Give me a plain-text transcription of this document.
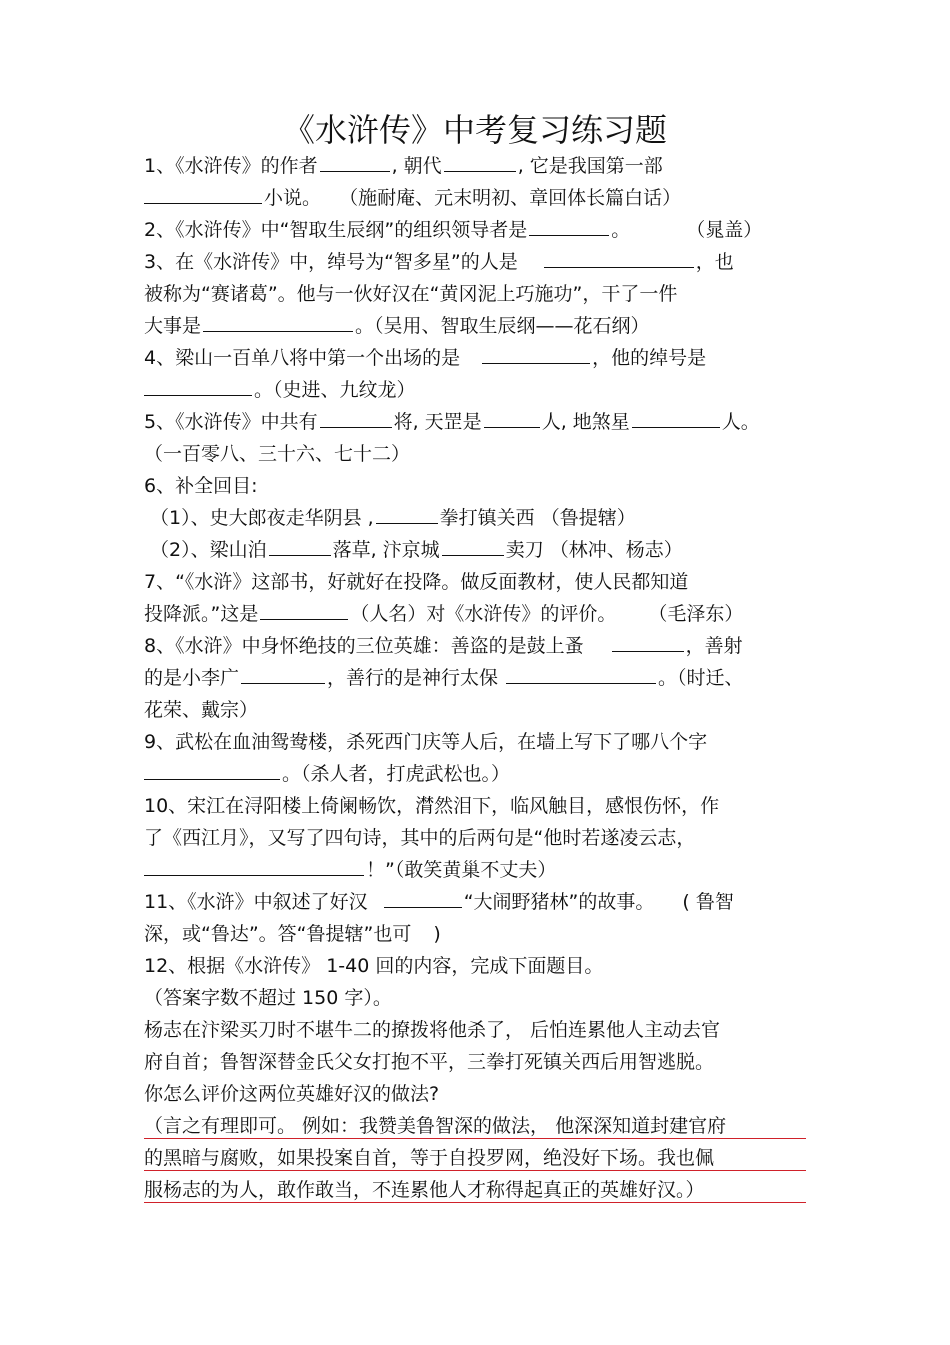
《水浒传》中考复习练习题
1、《水浒传》的作者	, 朝代	, 它是我国第一部
小说。 （施耐庵、元末明初、章回体长篇白话）
2、《水浒传》中“智取生辰纲”的组织领导者是	。	（晁盖）
3、在《水浒传》中，绰号为“智多星”的人是	，也
被称为“赛诸葛”。他与一伙好汉在“黄冈泥上巧施功”，干了一件
大事是	。（吴用、智取生辰纲——花石纲）
4、梁山一百单八将中第一个出场的是	，他的绰号是
。（史进、九纹龙）
5、《水浒传》中共有	将, 天罡是	人, 地煞星	人。
（一百零八、三十六、七十二）
6、补全回目:
（1）、史大郎夜走华阴县 ,	拳打镇关西 （鲁提辖）
（2）、梁山泊	落草, 汴京城	卖刀 （林冲、杨志）
7、“《水浒》这部书，好就好在投降。做反面教材，使人民都知道
投降派。”这是	（人名）对《水浒传》的评价。 （毛泽东）
8、《水浒》中身怀绝技的三位英雄：善盗的是鼓上蚤	，善射
的是小李广	，善行的是神行太保	。（时迁、
花荣、戴宗）
9、武松在血油鸳鸯楼，杀死西门庆等人后，在墙上写下了哪八个字
。（杀人者，打虎武松也。）
10、宋江在浔阳楼上倚阑畅饮，潸然泪下，临风触目，感恨伤怀，作
了《西江月》，又写了四句诗，其中的后两句是“他时若遂凌云志，
！”（敢笑黄巢不丈夫）
11、《水浒》中叙述了好汉	“大闹野猪林”的故事。 ( 鲁智
深，或“鲁达”。答“鲁提辖”也可 )
12、根据《水浒传》 1-40 回的内容，完成下面题目。
（答案字数不超过 150 字）。
杨志在汴梁买刀时不堪牛二的撩拨将他杀了， 后怕连累他人主动去官
府自首；鲁智深替金氏父女打抱不平，三拳打死镇关西后用智逃脱。
你怎么评价这两位英雄好汉的做法?
（言之有理即可。 例如：我赞美鲁智深的做法， 他深深知道封建官府
的黑暗与腐败，如果投案自首，等于自投罗网，绝没好下场。我也佩
服杨志的为人，敢作敢当，不连累他人才称得起真正的英雄好汉。）
